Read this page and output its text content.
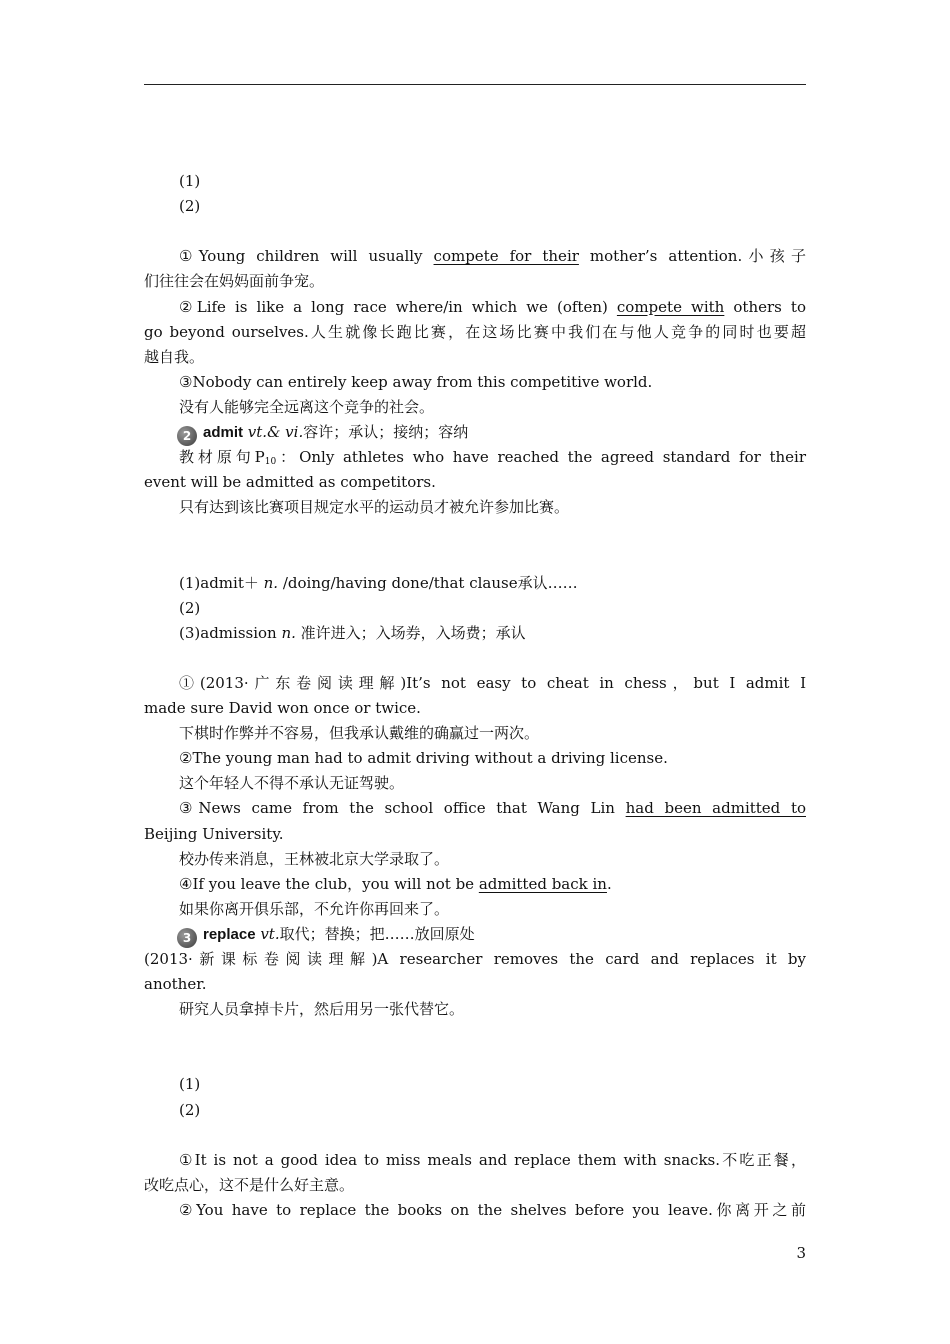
(1)
(2)
①Young children will usually compete for their mother’s attention.小孩子
们往往会在妈妈面前争宠。
②Life is like a long race where/in which we (often) compete with others to
go beyond ourselves.人生就像长跑比赛，在这场比赛中我们在与他人竞争的同时也要超
越自我。
③Nobody can entirely keep away from this competitive world.
没有人能够完全远离这个竞争的社会。
2 admit vt.& vi.容许；承认；接纳；容纳
教材原句$P_{10}$：Only athletes who have reached the agreed standard for their
event will be admitted as competitors.
只有达到该比赛项目规定水平的运动员才被允许参加比赛。
(1)admit＋ n. /doing/having done/that clause承认……
(2)
(3)admission n. 准许进入；入场券，入场费；承认
①(2013·广东卷阅读理解)It’s not easy to cheat in chess，but I admit I
made sure David won once or twice.
下棋时作弊并不容易，但我承认戴维的确赢过一两次。
②The young man had to admit driving without a driving license.
这个年轻人不得不承认无证驾驶。
③News came from the school office that Wang Lin had been admitted to
Beijing University.
校办传来消息，王林被北京大学录取了。
④If you leave the club，you will not be admitted back in.
如果你离开俱乐部，不允许你再回来了。
3 replace vt.取代；替换；把……放回原处
(2013·新课标卷阅读理解)A researcher removes the card and replaces it by
another.
研究人员拿掉卡片，然后用另一张代替它。
(1)
(2)
①It is not a good idea to miss meals and replace them with snacks.不吃正餐，
改吃点心，这不是什么好主意。
②You have to replace the books on the shelves before you leave.你离开之前
3
